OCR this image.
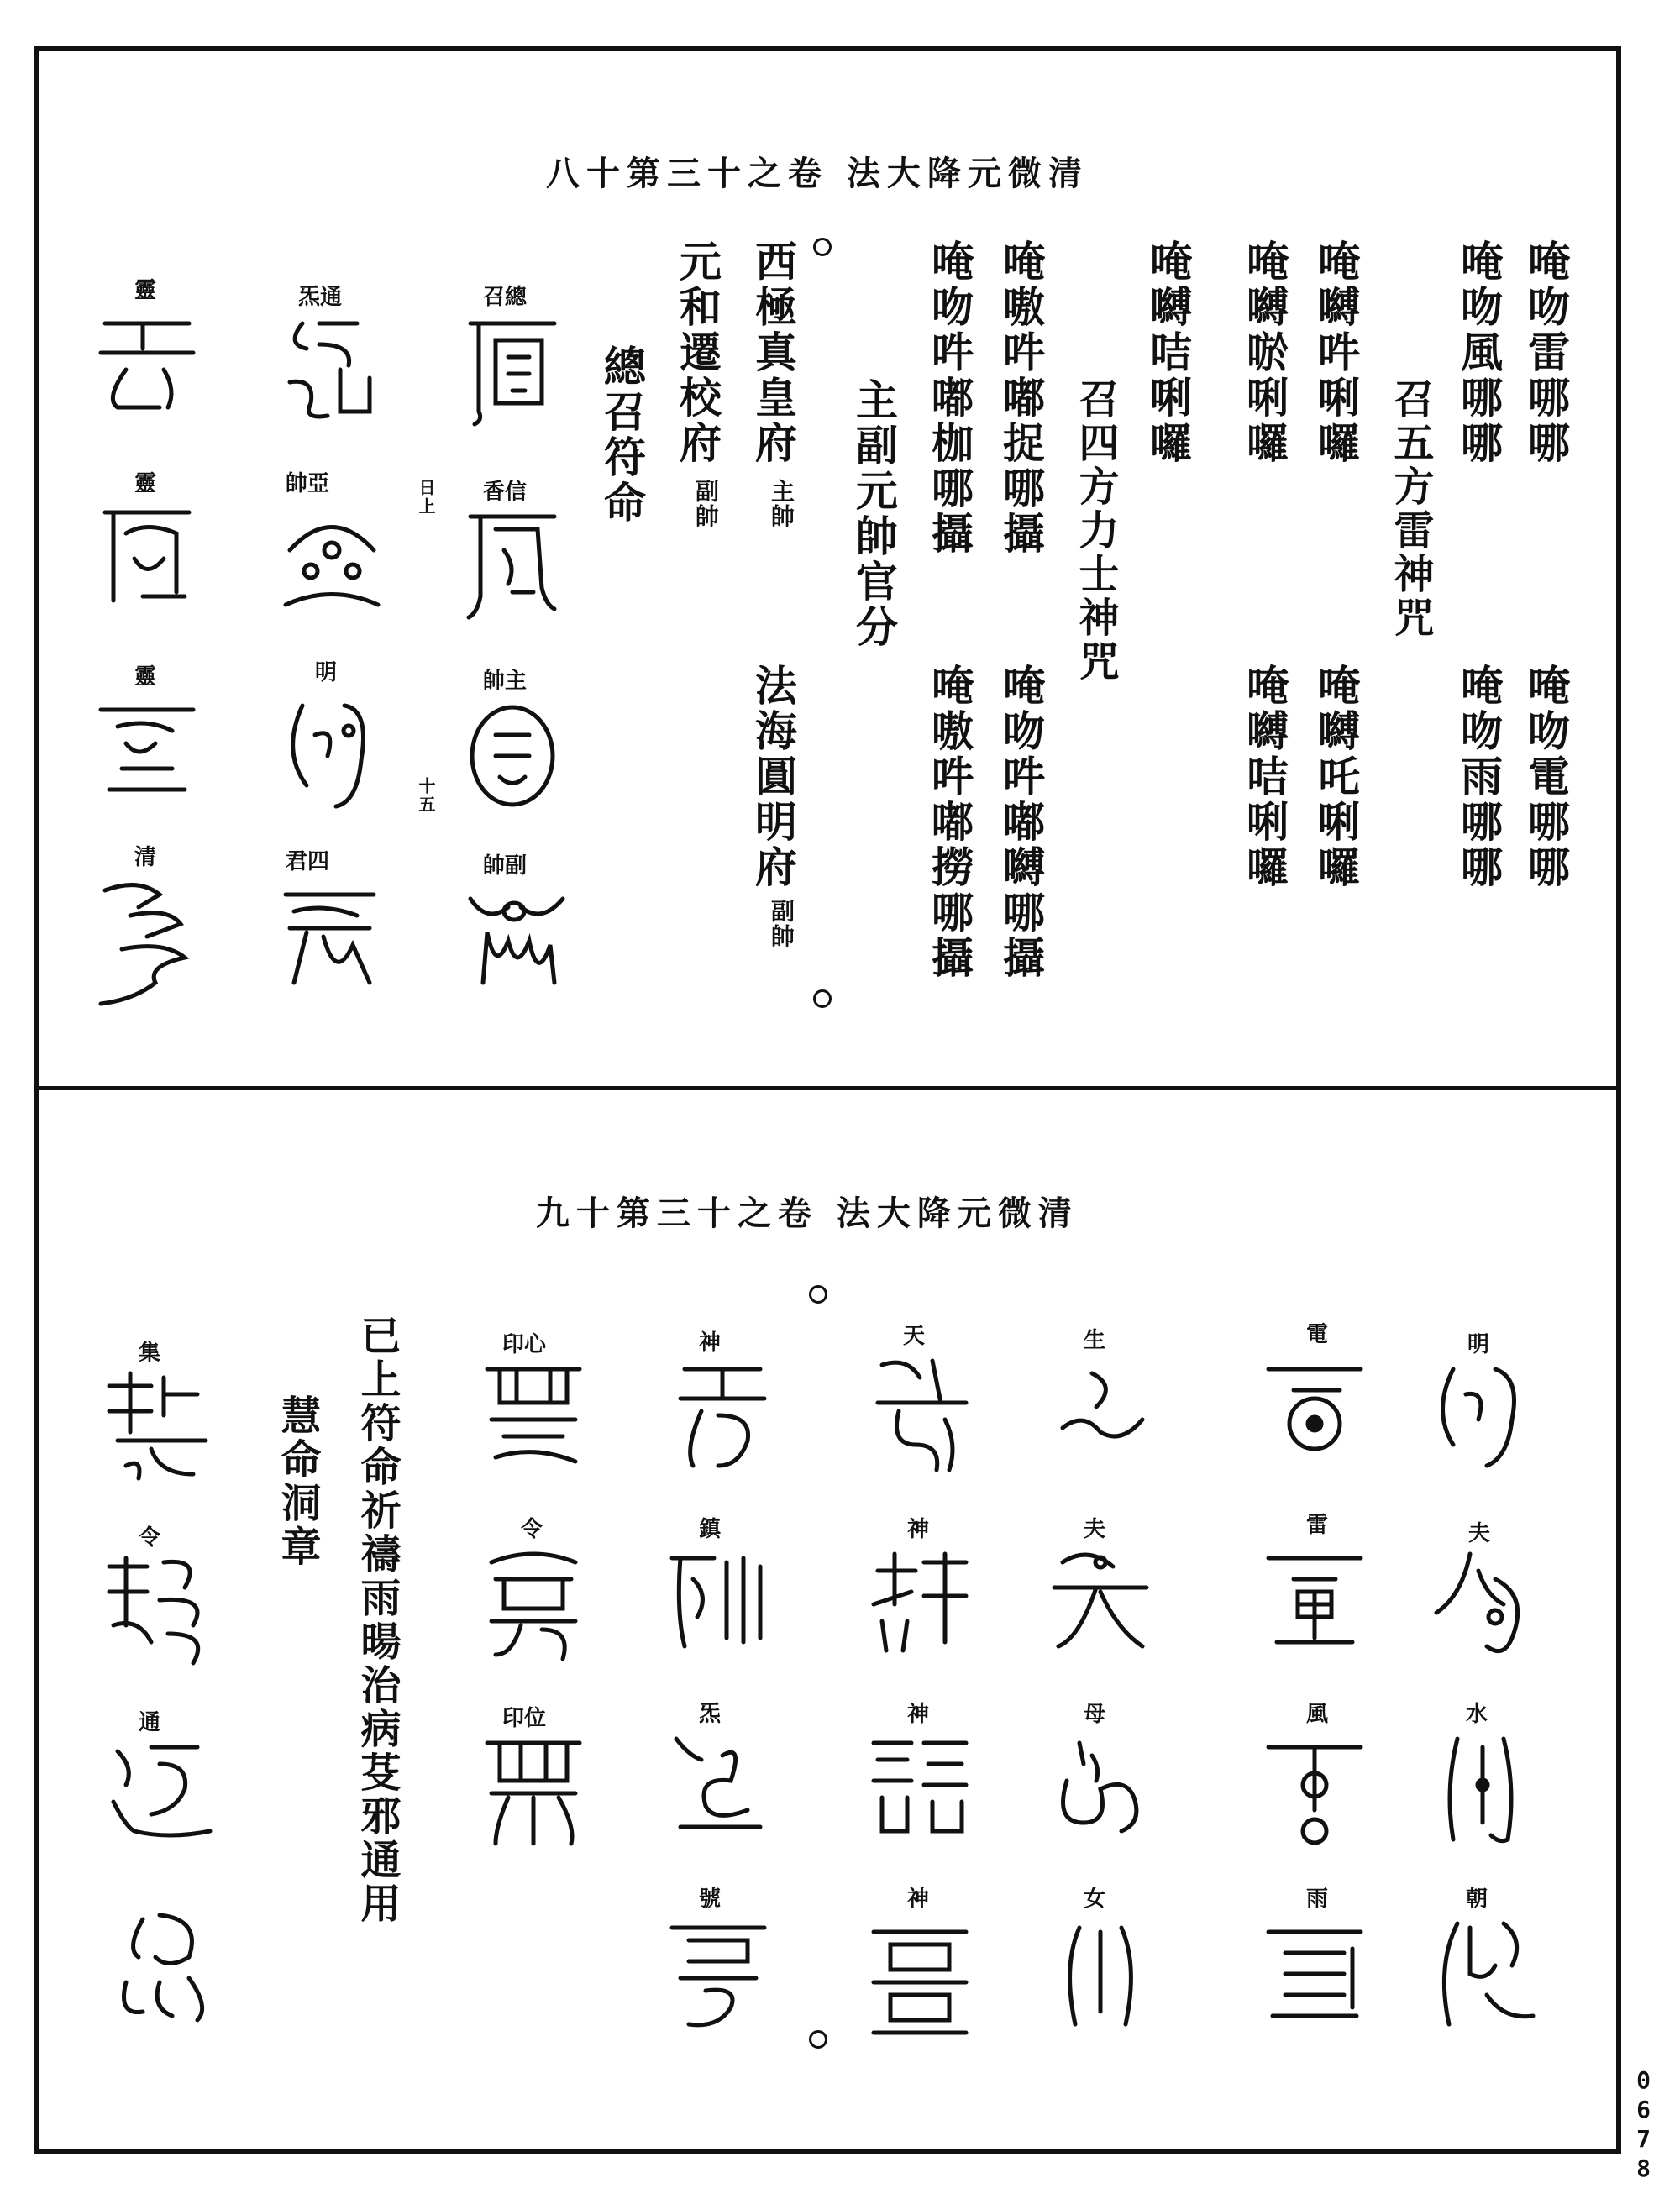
清微元降大法 卷之十三第十八
唵吻雷哪哪
唵吻風哪哪
召五方雷神咒
唵嚩吽唎囉
唵嚩唹唎囉
唵嚩咭唎囉
召四方力士神咒
唵嗷吽嘟捉哪攝
唵吻吽嘟枷哪攝
主副元帥官分
西極真皇府
元和遷校府
總召符命
法海圓明府	唵吻電哪哪
唵吻雨哪哪
唵嚩吒唎囉
唵嚩咭唎囉
唵吻吽嘟嚩哪攝
唵嗷吽嘟撈哪攝
主帥
副帥
副帥
總召
信香
主帥
副帥
通炁
亞帥
明
四君
靈
靈
靈
清
十五
日上
清微元降大法 卷之十三第十九
已上符命祈禱雨暘治病芟邪通用
慧命洞章
明
電
生
神
心印
集
天
夫
雷
夫
神
鎮
令
令
水
風
母
神
炁
位印
通
朝
雨
女
神
號
0678
